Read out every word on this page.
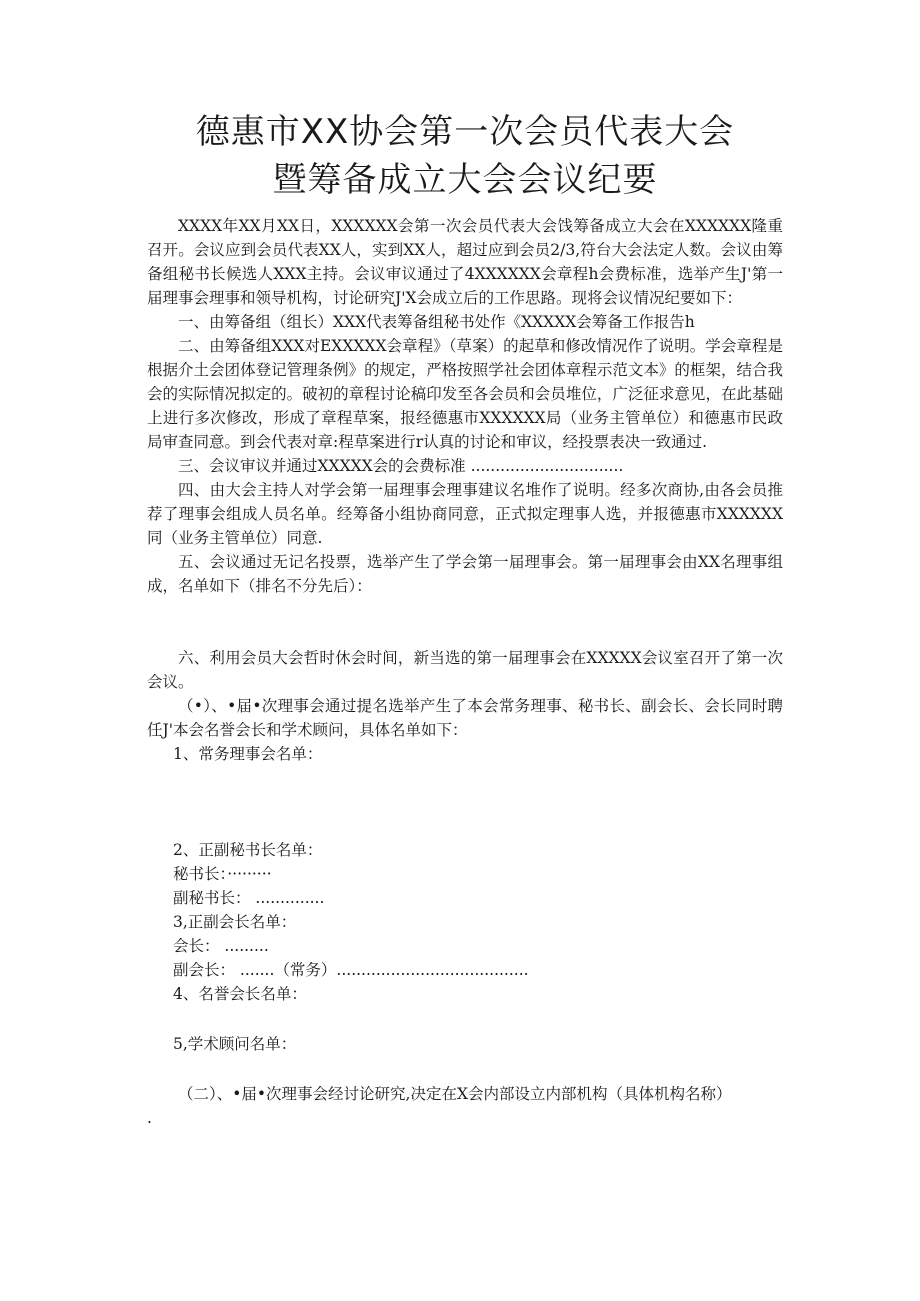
德惠市XX协会第一次会员代表大会
暨筹备成立大会会议纪要

XXXX年XX月XX日，XXXXXX会第一次会员代表大会饯筹备成立大会在XXXXXX隆重召开。会议应到会员代表XX人，实到XX人，超过应到会员2/3,符台大会法定人数。会议由筹备组秘书长候选人XXX主持。会议审议通过了4XXXXXX会章程h会费标准，选举产生J'第一届理事会理事和领导机构，讨论研究J'X会成立后的工作思路。现将会议情况纪要如下：

一、由筹备组（组长）XXX代表筹备组秘书处作《XXXXX会筹备工作报告h

二、由筹备组XXX对EXXXXX会章程》（草案）的起草和修改情况作了说明。学会章程是根据介土会团体登记管理条例》的规定，严格按照学社会团体章程示范文本》的框架，结合我会的实际情况拟定的。破初的章程讨论稿印发至各会员和会员堆位，广泛征求意见，在此基础上进行多次修改，形成了章程草案，报经德惠市XXXXXX局（业务主管单位）和德惠市民政局审查同意。到会代表对章:程草案进行r认真的讨论和审议，经投票表决一致通过.

三、会议审议并通过XXXXX会的会费标准 ...............................

四、由大会主持人对学会第一届理事会理事建议名堆作了说明。经多次商协,由各会员推荐了理事会组成人员名单。经筹备小组协商同意，正式拟定理事人选，并报德惠市XXXXXX同（业务主管单位）同意.

五、会议通过无记名投票，选举产生了学会第一届理事会。第一届理事会由XX名理事组成，名单如下（排名不分先后）：

六、利用会员大会哲时休会时间，新当选的第一届理事会在XXXXX会议室召开了第一次会议。

（•）、•届•次理事会通过提名选举产生了本会常务理事、秘书长、副会长、会长同时聘任J'本会名誉会长和学术顾问，具体名单如下：

1、常务理事会名单：

2、正副秘书长名单：

秘书长：·········

副秘书长： ..............

3,正副会长名单：

会长： .........

副会长： .......（常务）.......................................

4、名誉会长名单：

5,学术顾问名单：

（二）、•届•次理事会经讨论研究,决定在X会内部设立内部机构（具体机构名称）

.
